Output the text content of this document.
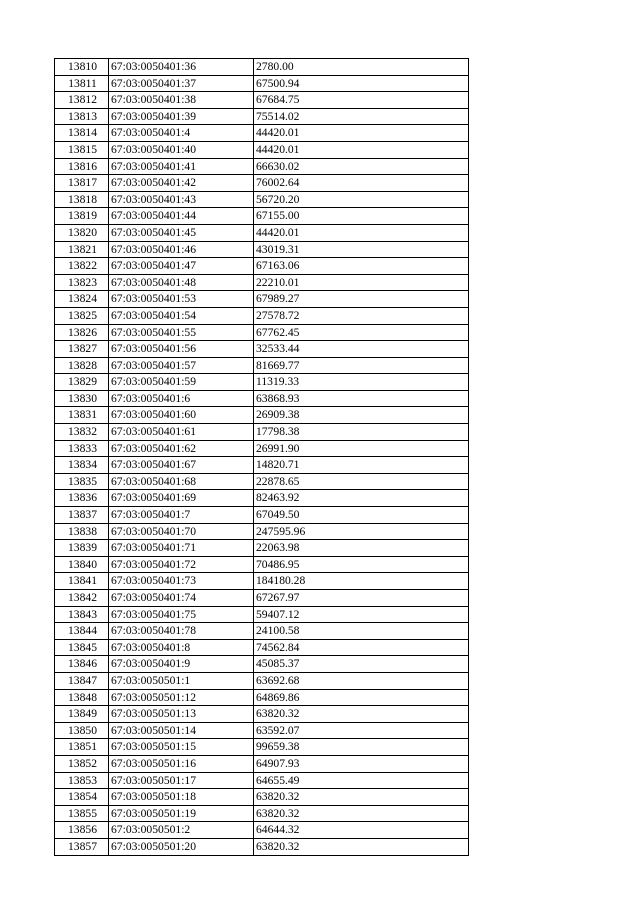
13810	67:03:0050401:36	2780.00
13811	67:03:0050401:37	67500.94
13812	67:03:0050401:38	67684.75
13813	67:03:0050401:39	75514.02
13814	67:03:0050401:4	44420.01
13815	67:03:0050401:40	44420.01
13816	67:03:0050401:41	66630.02
13817	67:03:0050401:42	76002.64
13818	67:03:0050401:43	56720.20
13819	67:03:0050401:44	67155.00
13820	67:03:0050401:45	44420.01
13821	67:03:0050401:46	43019.31
13822	67:03:0050401:47	67163.06
13823	67:03:0050401:48	22210.01
13824	67:03:0050401:53	67989.27
13825	67:03:0050401:54	27578.72
13826	67:03:0050401:55	67762.45
13827	67:03:0050401:56	32533.44
13828	67:03:0050401:57	81669.77
13829	67:03:0050401:59	11319.33
13830	67:03:0050401:6	63868.93
13831	67:03:0050401:60	26909.38
13832	67:03:0050401:61	17798.38
13833	67:03:0050401:62	26991.90
13834	67:03:0050401:67	14820.71
13835	67:03:0050401:68	22878.65
13836	67:03:0050401:69	82463.92
13837	67:03:0050401:7	67049.50
13838	67:03:0050401:70	247595.96
13839	67:03:0050401:71	22063.98
13840	67:03:0050401:72	70486.95
13841	67:03:0050401:73	184180.28
13842	67:03:0050401:74	67267.97
13843	67:03:0050401:75	59407.12
13844	67:03:0050401:78	24100.58
13845	67:03:0050401:8	74562.84
13846	67:03:0050401:9	45085.37
13847	67:03:0050501:1	63692.68
13848	67:03:0050501:12	64869.86
13849	67:03:0050501:13	63820.32
13850	67:03:0050501:14	63592.07
13851	67:03:0050501:15	99659.38
13852	67:03:0050501:16	64907.93
13853	67:03:0050501:17	64655.49
13854	67:03:0050501:18	63820.32
13855	67:03:0050501:19	63820.32
13856	67:03:0050501:2	64644.32
13857	67:03:0050501:20	63820.32
